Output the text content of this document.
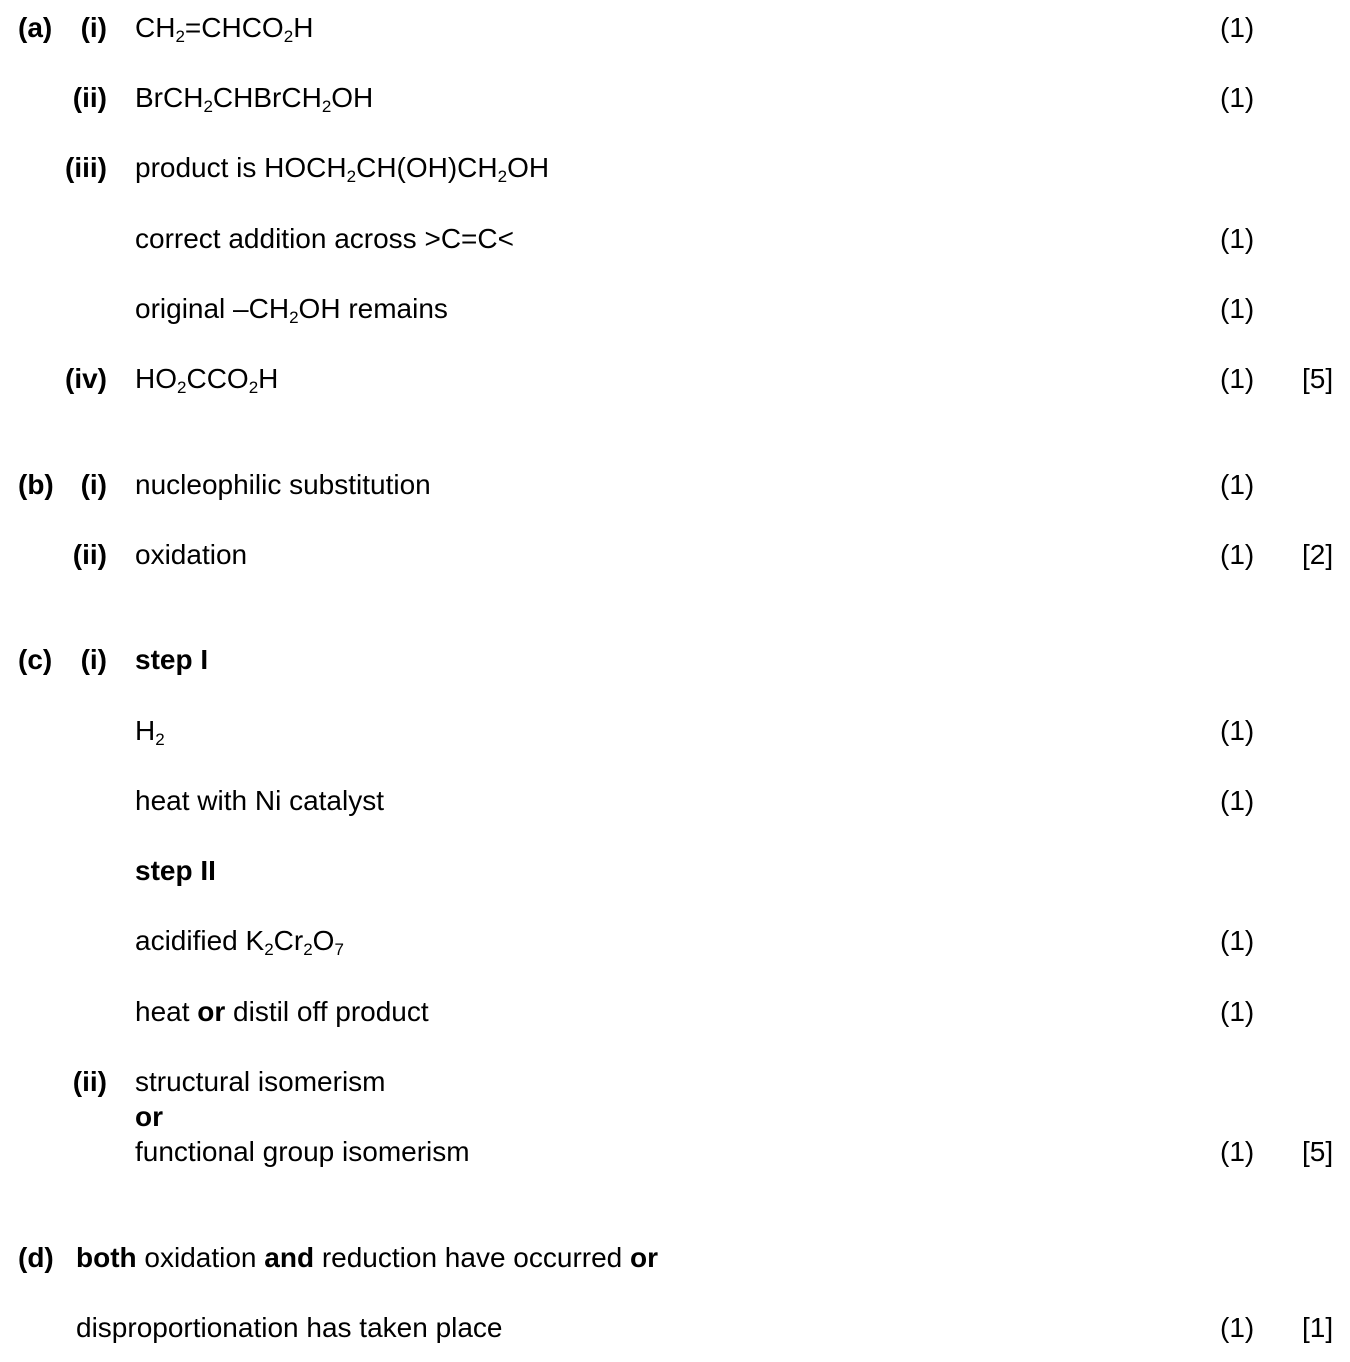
(a)	(i) $CH_2=CHCO_2H$	(1)
(ii) BrCH$_2$CHBrCH$_2$OH	(1)
(iii) product is $HOCH_2CH(OH)CH_2OH$
correct addition across >C=C<	(1)
original $-CH_2OH$ remains	(1)
(iv) $HO_2CCO_2H$	(1) [5]
(b) (i) nucleophilic substitution	(1)
(ii) oxidation	(1) [2]
(c)	(i) step I
$H_2$	(1)
heat with Ni catalyst	(1)
step II
acidified $K_2Cr_2O_7$	(1)
heat or distil off product	(1)
(ii) structural isomerism
or
functional group isomerism	(1) [5]
(d) both oxidation and reduction have occurred or
disproportionation has taken place	(1) [1]
